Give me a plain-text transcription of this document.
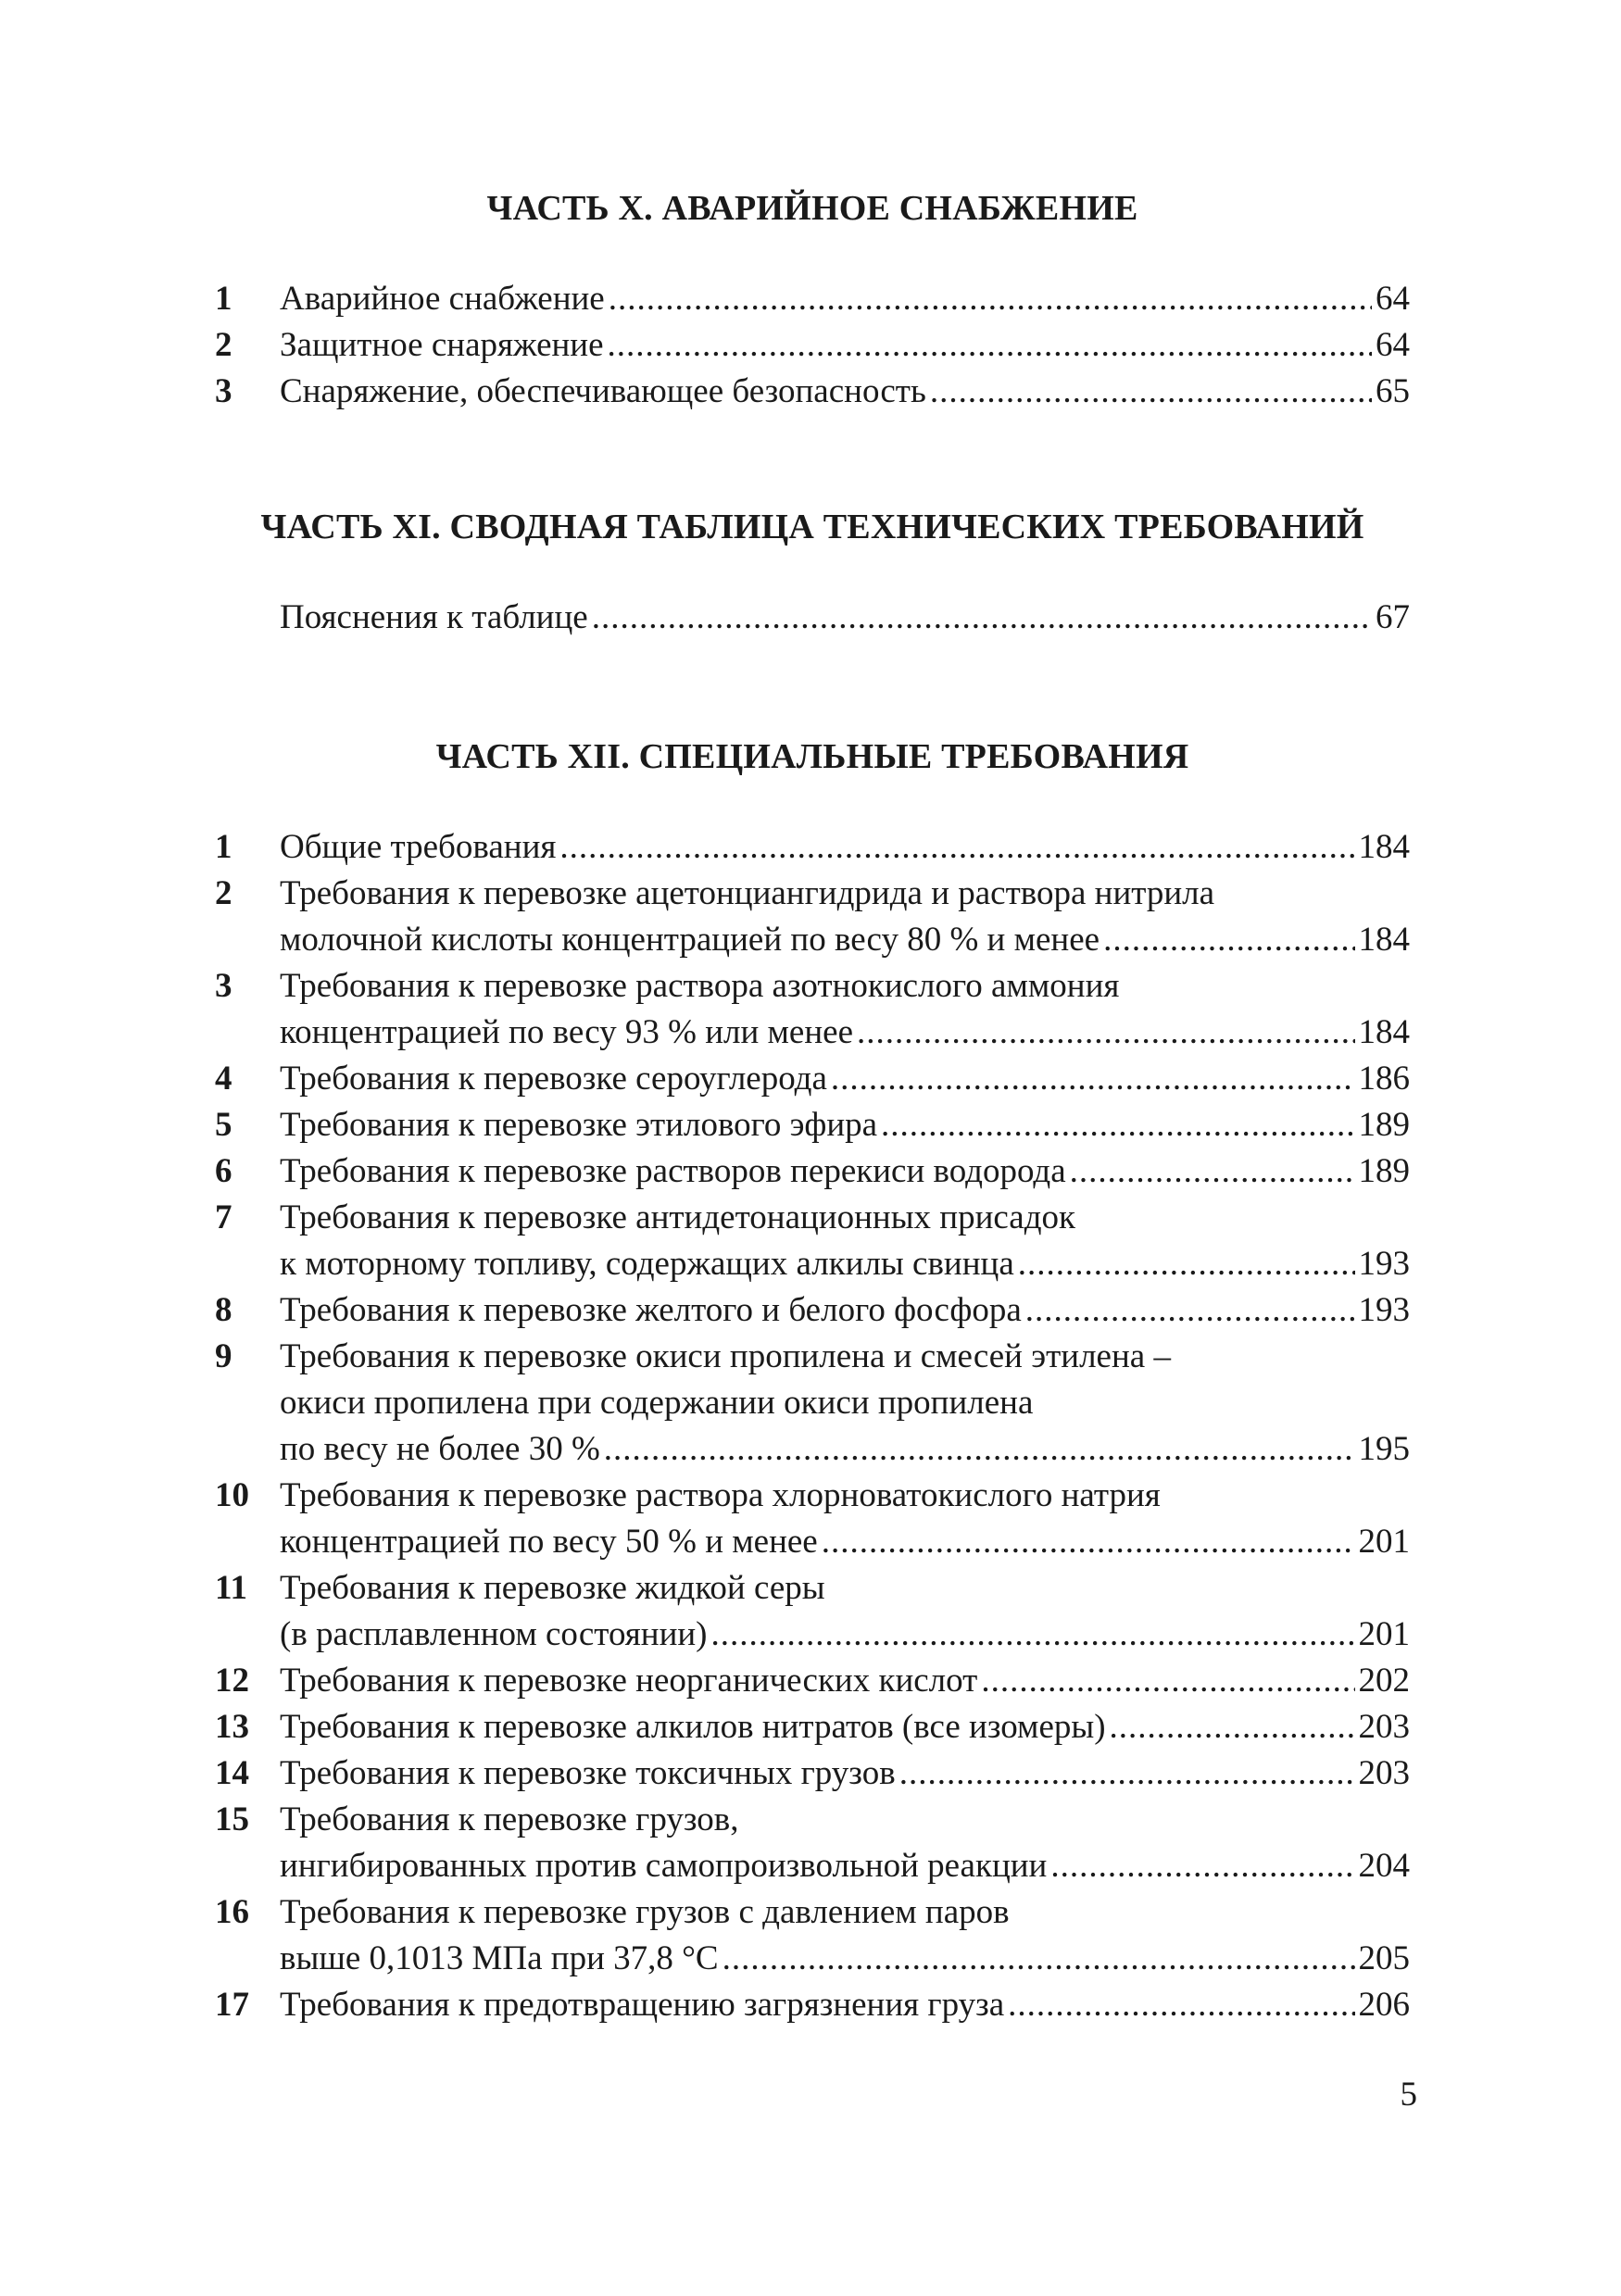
ЧАСТЬ X. АВАРИЙНОЕ СНАБЖЕНИЕ
1	Аварийное снабжение .....	64
2	Защитное снаряжение .....	64
3	Снаряжение, обеспечивающее безопасность .....	65
ЧАСТЬ XI. СВОДНАЯ ТАБЛИЦА ТЕХНИЧЕСКИХ ТРЕБОВАНИЙ
Пояснения к таблице .....	67
ЧАСТЬ XII. СПЕЦИАЛЬНЫЕ ТРЕБОВАНИЯ
1	Общие требования .....	184
2	Требования к перевозке ацетонциангидрида и раствора нитрила
молочной кислоты концентрацией по весу 80 % и менее .....	184
3	Требования к перевозке раствора азотнокислого аммония
концентрацией по весу 93 % или менее .....	184
4	Требования к перевозке сероуглерода .....	186
5	Требования к перевозке этилового эфира .....	189
6	Требования к перевозке растворов перекиси водорода .....	189
7	Требования к перевозке антидетонационных присадок
к моторному топливу, содержащих алкилы свинца .....	193
8	Требования к перевозке желтого и белого фосфора .....	193
9	Требования к перевозке окиси пропилена и смесей этилена –
окиси пропилена при содержании окиси пропилена
по весу не более 30 % .....	195
10 Требования к перевозке раствора хлорноватокислого натрия
концентрацией по весу 50 % и менее .....	201
11 Требования к перевозке жидкой серы
(в расплавленном состоянии) .....	201
12 Требования к перевозке неорганических кислот .....	202
13 Требования к перевозке алкилов нитратов (все изомеры) .....	203
14 Требования к перевозке токсичных грузов .....	203
15 Требования к перевозке грузов,
ингибированных против самопроизвольной реакции .....	204
16 Требования к перевозке грузов с давлением паров
выше 0,1013 МПа при 37,8 °С .....	205
17 Требования к предотвращению загрязнения груза .....	206
5
